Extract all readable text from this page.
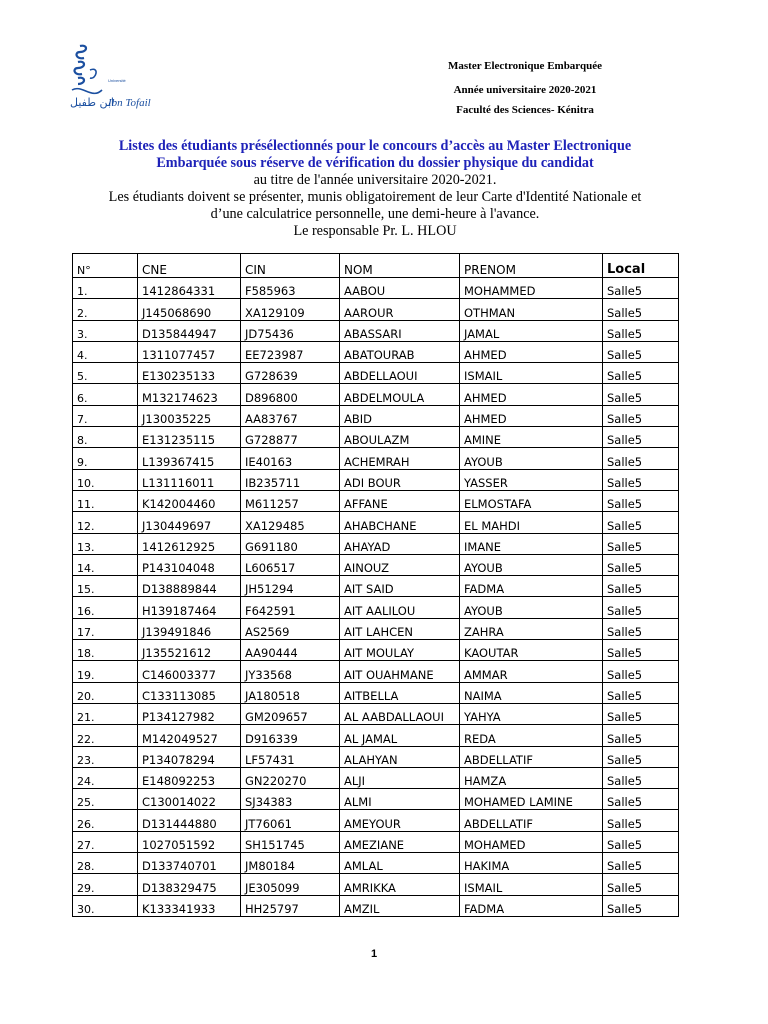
ابن طفيل
Ibn Tofail
Université
Master Electronique Embarquée
Année universitaire 2020-2021
Faculté des Sciences- Kénitra
Listes des étudiants présélectionnés pour le concours d’accès au Master Electronique
Embarquée sous réserve de vérification du dossier physique du candidat
au titre de l'année universitaire 2020-2021.
Les étudiants doivent se présenter, munis obligatoirement de leur Carte d'Identité Nationale et
d’une calculatrice personnelle, une demi-heure à l'avance.
Le responsable Pr. L. HLOU
N°	CNE	CIN	NOM	PRENOM	Local
1.	1412864331	F585963	AABOU	MOHAMMED	Salle5
2.	J145068690	XA129109	AAROUR	OTHMAN	Salle5
3.	D135844947	JD75436	ABASSARI	JAMAL	Salle5
4.	1311077457	EE723987	ABATOURAB	AHMED	Salle5
5.	E130235133	G728639	ABDELLAOUI	ISMAIL	Salle5
6.	M132174623	D896800	ABDELMOULA	AHMED	Salle5
7.	J130035225	AA83767	ABID	AHMED	Salle5
8.	E131235115	G728877	ABOULAZM	AMINE	Salle5
9.	L139367415	IE40163	ACHEMRAH	AYOUB	Salle5
10.	L131116011	IB235711	ADI BOUR	YASSER	Salle5
11.	K142004460	M611257	AFFANE	ELMOSTAFA	Salle5
12.	J130449697	XA129485	AHABCHANE	EL MAHDI	Salle5
13.	1412612925	G691180	AHAYAD	IMANE	Salle5
14.	P143104048	L606517	AINOUZ	AYOUB	Salle5
15.	D138889844	JH51294	AIT SAID	FADMA	Salle5
16.	H139187464	F642591	AIT AALILOU	AYOUB	Salle5
17.	J139491846	AS2569	AIT LAHCEN	ZAHRA	Salle5
18.	J135521612	AA90444	AIT MOULAY	KAOUTAR	Salle5
19.	C146003377	JY33568	AIT OUAHMANE	AMMAR	Salle5
20.	C133113085	JA180518	AITBELLA	NAIMA	Salle5
21.	P134127982	GM209657	AL AABDALLAOUI	YAHYA	Salle5
22.	M142049527	D916339	AL JAMAL	REDA	Salle5
23.	P134078294	LF57431	ALAHYAN	ABDELLATIF	Salle5
24.	E148092253	GN220270	ALJI	HAMZA	Salle5
25.	C130014022	SJ34383	ALMI	MOHAMED LAMINE	Salle5
26.	D131444880	JT76061	AMEYOUR	ABDELLATIF	Salle5
27.	1027051592	SH151745	AMEZIANE	MOHAMED	Salle5
28.	D133740701	JM80184	AMLAL	HAKIMA	Salle5
29.	D138329475	JE305099	AMRIKKA	ISMAIL	Salle5
30.	K133341933	HH25797	AMZIL	FADMA	Salle5
1
